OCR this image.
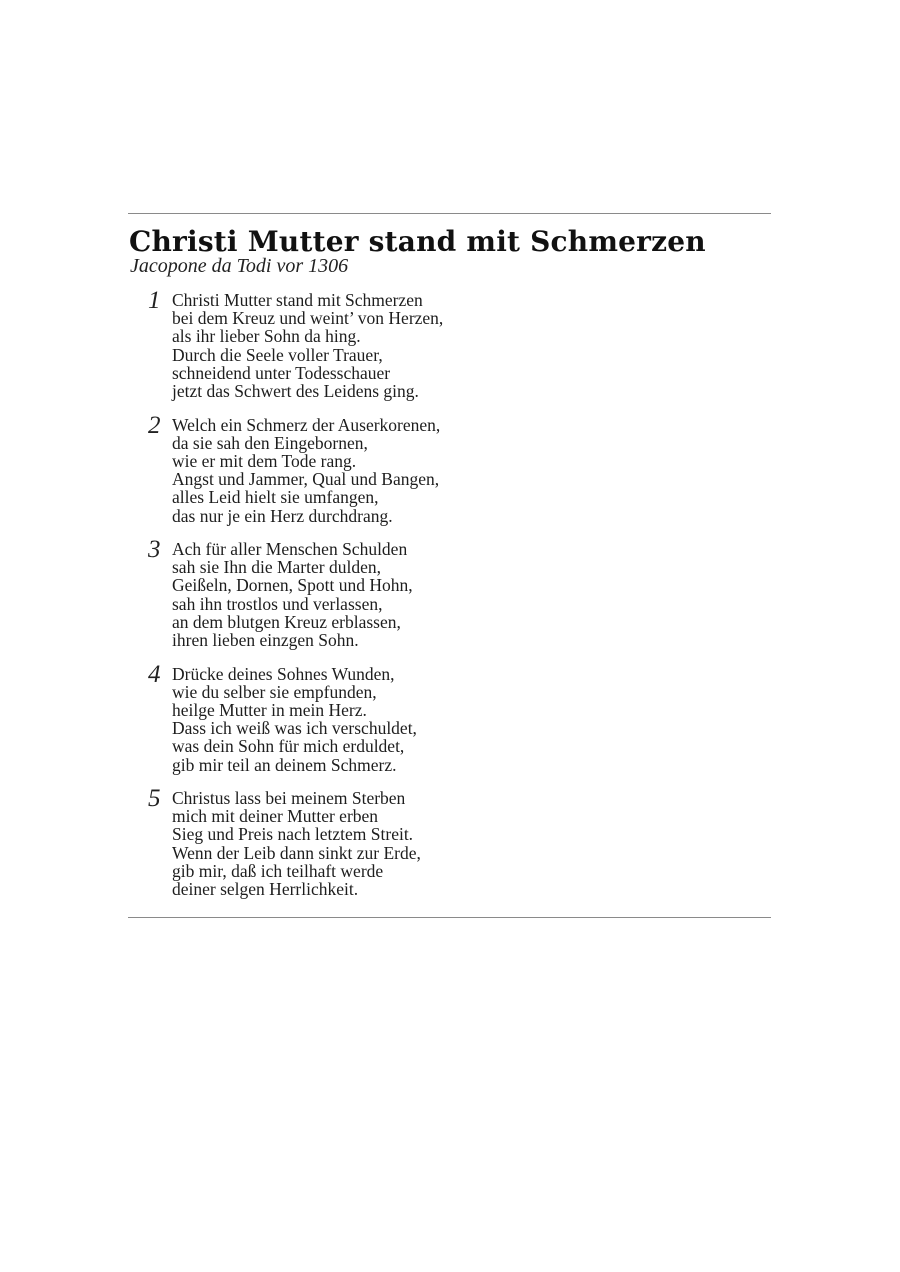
Christi Mutter stand mit Schmerzen
Jacopone da Todi vor 1306
1 Christi Mutter stand mit Schmerzen
bei dem Kreuz und weint’ von Herzen,
als ihr lieber Sohn da hing.
Durch die Seele voller Trauer,
schneidend unter Todesschauer
jetzt das Schwert des Leidens ging.
2 Welch ein Schmerz der Auserkorenen,
da sie sah den Eingebornen,
wie er mit dem Tode rang.
Angst und Jammer, Qual und Bangen,
alles Leid hielt sie umfangen,
das nur je ein Herz durchdrang.
3 Ach für aller Menschen Schulden
sah sie Ihn die Marter dulden,
Geißeln, Dornen, Spott und Hohn,
sah ihn trostlos und verlassen,
an dem blutgen Kreuz erblassen,
ihren lieben einzgen Sohn.
4 Drücke deines Sohnes Wunden,
wie du selber sie empfunden,
heilge Mutter in mein Herz.
Dass ich weiß was ich verschuldet,
was dein Sohn für mich erduldet,
gib mir teil an deinem Schmerz.
5 Christus lass bei meinem Sterben
mich mit deiner Mutter erben
Sieg und Preis nach letztem Streit.
Wenn der Leib dann sinkt zur Erde,
gib mir, daß ich teilhaft werde
deiner selgen Herrlichkeit.
